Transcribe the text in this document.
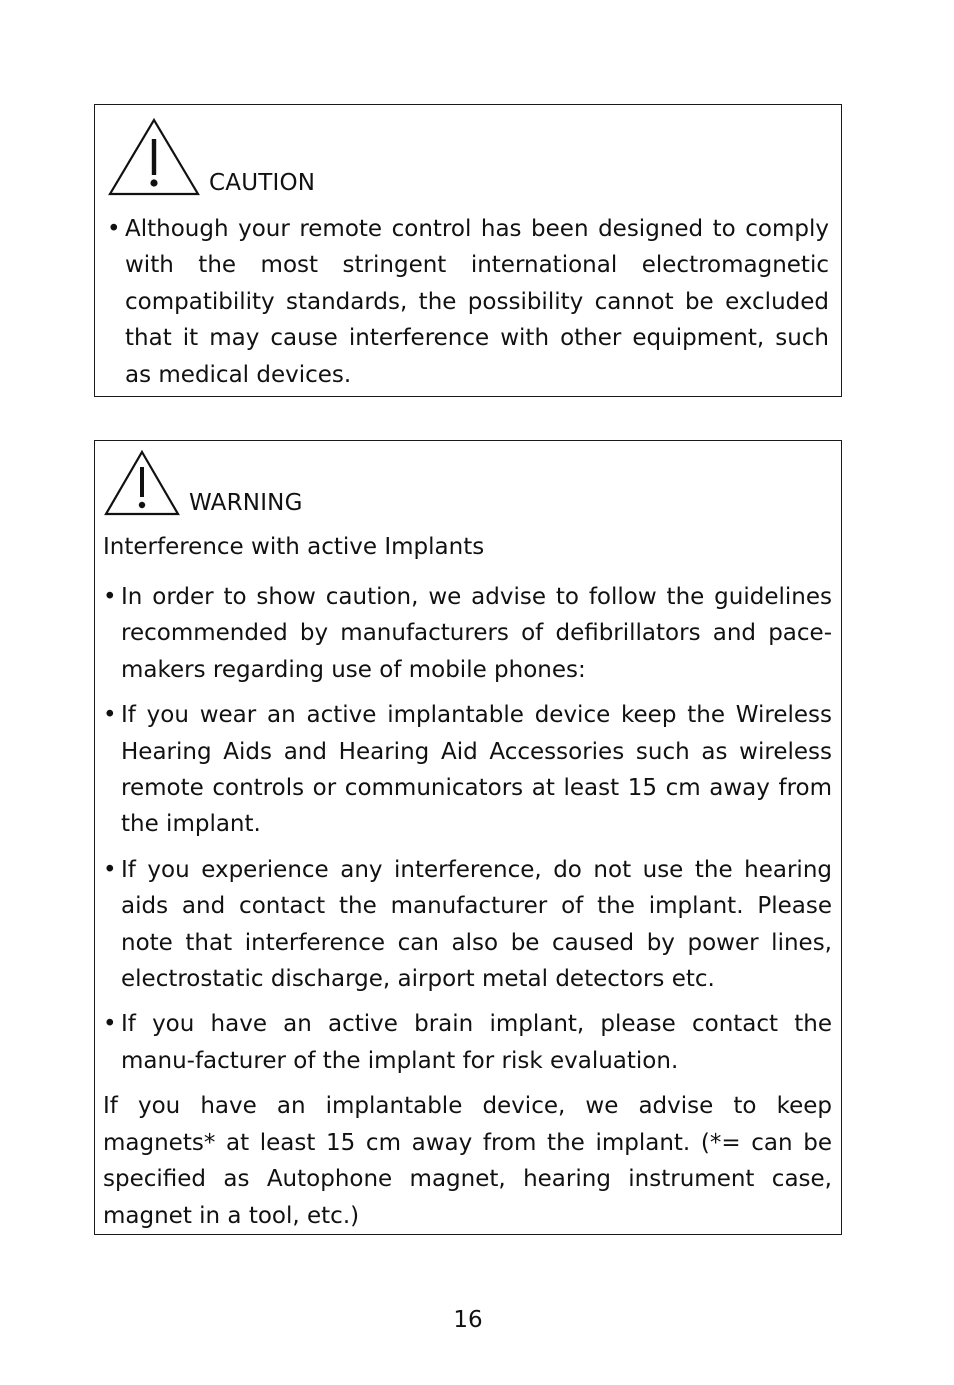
CAUTION
• Although your remote control has been designed to comply with the most stringent international electromagnetic compatibility standards, the possibility cannot be excluded that it may cause interference with other equipment, such as medical devices.
WARNING

Interference with active Implants

• In order to show caution, we advise to follow the guidelines recommended by manufacturers of defibrillators and pace-makers regarding use of mobile phones:
• If you wear an active implantable device keep the Wireless Hearing Aids and Hearing Aid Accessories such as wireless remote controls or communicators at least 15 cm away from the implant.
• If you experience any interference, do not use the hearing aids and contact the manufacturer of the implant. Please note that interference can also be caused by power lines, electrostatic discharge, airport metal detectors etc.
• If you have an active brain implant, please contact the manu-facturer of the implant for risk evaluation.

If you have an implantable device, we advise to keep magnets* at least 15 cm away from the implant. (*= can be specified as Autophone magnet, hearing instrument case, magnet in a tool, etc.)

16
